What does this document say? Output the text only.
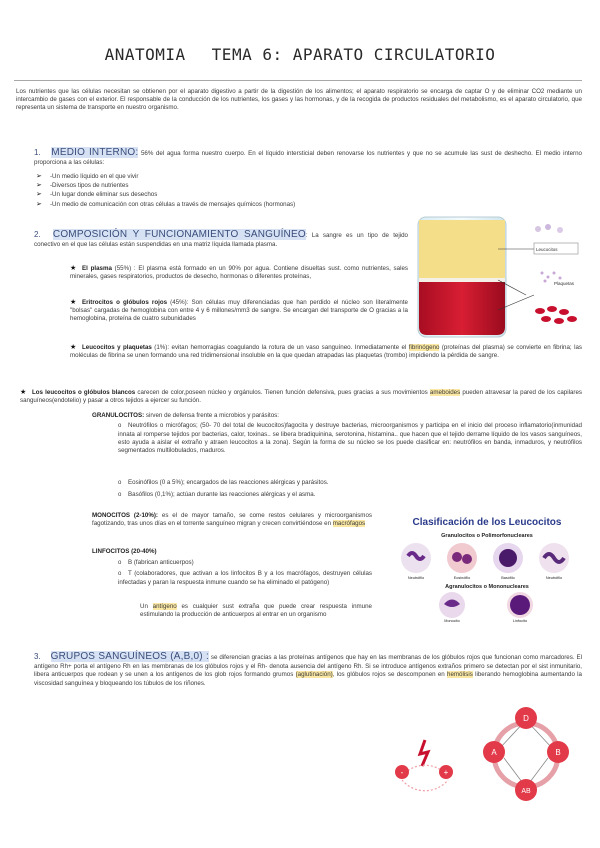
ANATOMIA TEMA 6: APARATO CIRCULATORIO

Los nutrientes que las células necesitan se obtienen por el aparato digestivo a partir de la digestión de los alimentos; el aparato respiratorio se encarga de captar O y de eliminar CO2 mediante un intercambio de gases con el exterior. El responsable de la conducción de los nutrientes, los gases y las hormonas, y de la recogida de productos residuales del metabolismo, es el aparato circulatorio, que representa un sistema de transporte en nuestro organismo.

1. MEDIO INTERNO: 56% del agua forma nuestro cuerpo. En el líquido intersticial deben renovarse los nutrientes y que no se acumule las sust de deshecho. El medio interno proporciona a las células:
➢ -Un medio líquido en el que vivir
➢ -Diversos tipos de nutrientes
➢ -Un lugar donde eliminar sus desechos
➢ -Un medio de comunicación con otras células a través de mensajes químicos (hormonas)
2. COMPOSICIÓN Y FUNCIONAMIENTO SANGUÍNEO: La sangre es un tipo de tejido conectivo en el que las células están suspendidas en una matriz líquida llamada plasma.
★ El plasma (55%) : El plasma está formado en un 90% por agua. Contiene disueltas sust. como nutrientes, sales minerales, gases respiratorios, productos de desecho, hormonas o diferentes proteínas,
★ Eritrocitos o glóbulos rojos (45%): Son células muy diferenciadas que han perdido el núcleo son literalmente "bolsas" cargadas de hemoglobina con entre 4 y 6 millones/mm3 de sangre. Se encargan del transporte de O gracias a la hemoglobina, proteína de cuatro subunidades
★ Leucocitos y plaquetas (1%): evitan hemorragias coagulando la rotura de un vaso sanguíneo. Inmediatamente el fibrinógeno (proteínas del plasma) se convierte en fibrina; las moléculas de fibrina se unen formando una red tridimensional insoluble en la que quedan atrapadas las plaquetas (trombo) impidiendo la pérdida de sangre.
Leucocitos
Plaquetas
★ Los leucocitos o glóbulos blancos carecen de color,poseen núcleo y orgánulos. Tienen función defensiva, pues gracias a sus movimientos ameboides pueden atravesar la pared de los capilares sanguíneos(endotelio) y pasar a otros tejidos a ejercer su función.
GRANULOCITOS: sirven de defensa frente a microbios y parásitos:
o Neutrófilos o micrófagos; (50- 70 del total de leucocitos)fagocita y destruye bacterias, microorganismos y participa en el inicio del proceso inflamatorio(inmunidad innata al romperse tejidos por bacterias, calor, toxinas.. se libera bradiquinina, serotonina, histamina.. que hacen que el tejido derrame líquido de los vasos sanguíneos, esto ayuda a aislar el extraño y atraen leucocitos a la zona). Según la forma de su núcleo se los puede clasificar en: neutrófilos en banda, inmaduros, y neutrófilos segmentados multilobulados, maduros.
o Eosinófilos (0 a 5%); encargados de las reacciones alérgicas y parásitos.
o Basófilos (0,1%); actúan durante las reacciones alérgicas y el asma.
MONOCITOS (2-10%): es el de mayor tamaño, se come restos celulares y microorganismos fagotizando, tras unos días en el torrente sanguíneo migran y crecen convirtiéndose en macrófagos
LINFOCITOS (20-40%)
o B (fabrican anticuerpos)
o T (colaboradores, que activan a los linfocitos B y a los macrófagos, destruyen células infectadas y paran la respuesta inmune cuando se ha eliminado el patógeno)
Un antígeno es cualquier sust extraña que puede crear respuesta inmune estimulando la producción de anticuerpos al entrar en un organismo
Clasificación de los Leucocitos
Granulocitos o Polimorfonucleares
Neutrófilo	Eosinófilo	Basófilo	Neutrófilo
Agranulocitos o Mononucleares
Monocito	Linfocito
3. GRUPOS SANGUÍNEOS (A,B,0) : se diferencian gracias a las proteínas antígenos que hay en las membranas de los glóbulos rojos que funcionan como marcadores. El antígeno Rh+ porta el antígeno Rh en las membranas de los glóbulos rojos y el Rh- denota ausencia del antígeno Rh. Si se introduce antígenos extraños primero se detectan por el sist inmunitario, libera anticuerpos que rodean y se unen a los antígenos de los glob rojos formando grumos (aglutinación), los glóbulos rojos se descomponen en hemólisis liberando hemoglobina aumentando la viscosidad sanguínea y bloqueando los túbulos de los riñones.
-	+
D
A	B
AB
